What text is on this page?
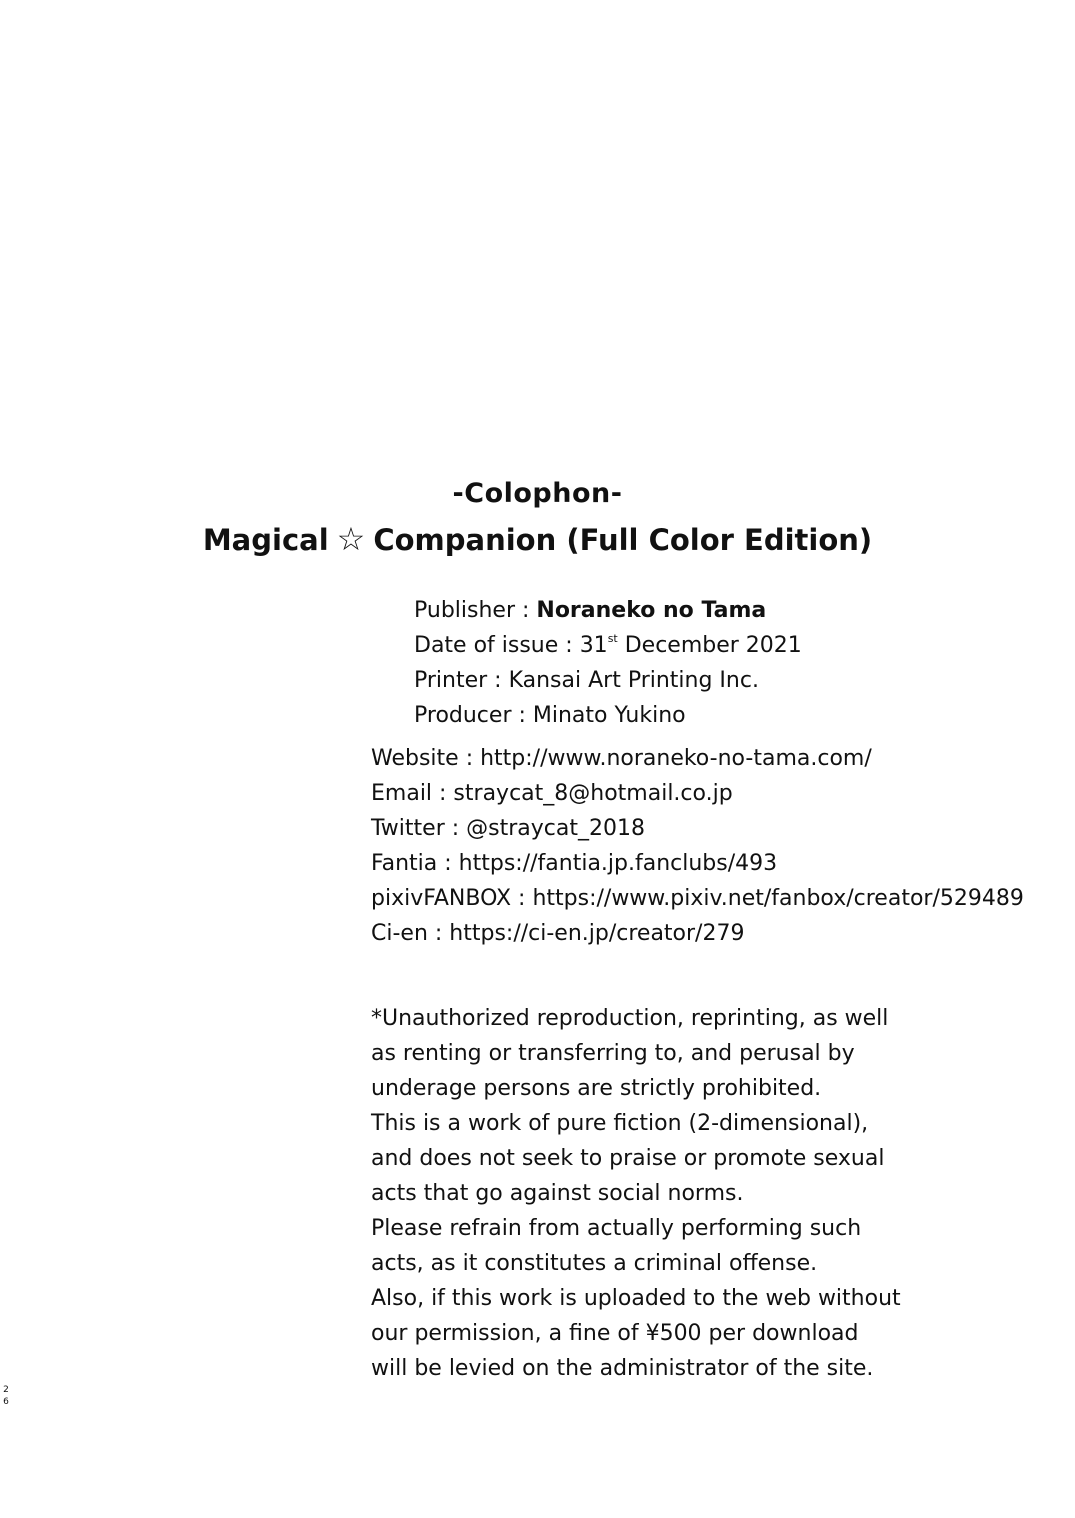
-Colophon-
Magical ☆ Companion (Full Color Edition)
Publisher : Noraneko no Tama
Date of issue : 31st December 2021
Printer : Kansai Art Printing Inc.
Producer : Minato Yukino
Website : http://www.noraneko-no-tama.com/
Email : straycat_8@hotmail.co.jp
Twitter : @straycat_2018
Fantia : https://fantia.jp.fanclubs/493
pixivFANBOX : https://www.pixiv.net/fanbox/creator/529489
Ci-en : https://ci-en.jp/creator/279
*Unauthorized reproduction, reprinting, as well
as renting or transferring to, and perusal by
underage persons are strictly prohibited.
This is a work of pure fiction (2-dimensional),
and does not seek to praise or promote sexual
acts that go against social norms.
Please refrain from actually performing such
acts, as it constitutes a criminal offense.
Also, if this work is uploaded to the web without
our permission, a fine of ¥500 per download
will be levied on the administrator of the site.
26
